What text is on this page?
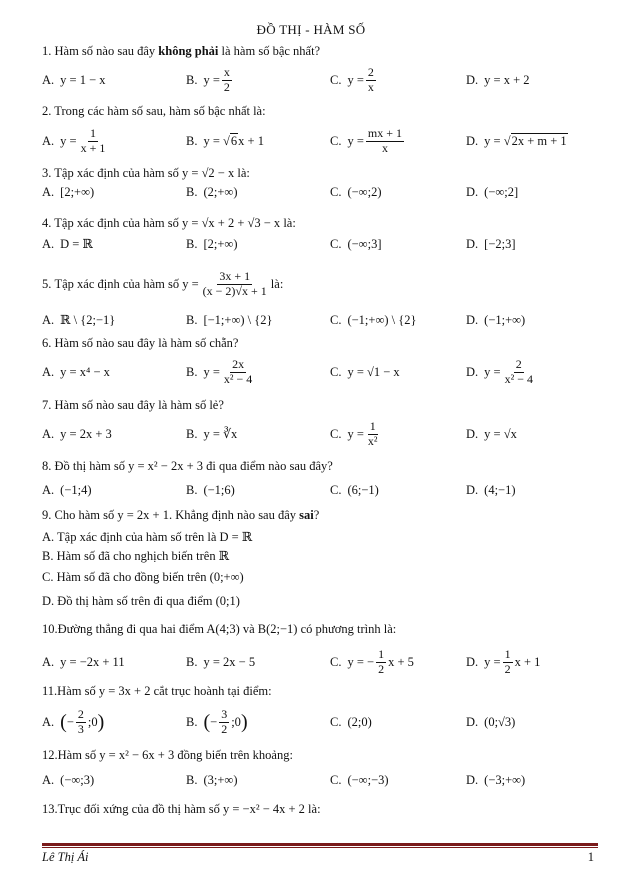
ĐỒ THỊ - HÀM SỐ
1. Hàm số nào sau đây không phải là hàm số bậc nhất?
A. y = 1 − x	B. $y = \frac{x}{2}$	C. $y = \frac{2}{x}$	D. y = x + 2
2. Trong các hàm số sau, hàm số bậc nhất là:
A. $y = \frac{1}{x + 1}$	B. y = √ 6 x + 1	C. $y = \frac{mx + 1}{x}$	D. y = √ 2x + m + 1
3. Tập xác định của hàm số y = √2 − x là:
A. [2;+∞)	B. (2;+∞)	C. (−∞;2)	D. (−∞;2]
4. Tập xác định của hàm số y = √x + 2 + √3 − x là:
A. D = ℝ	B. [2;+∞)	C. (−∞;3]	D. [−2;3]
5.
Tập xác định của hàm số $y = \frac{3x + 1}{(x - 2)√x + 1}$ là:
A. ℝ \ {2;−1}	B. [−1;+∞) \ {2}	C. (−1;+∞) \ {2}	D. (−1;+∞)
6. Hàm số nào sau đây là hàm số chẵn?
A. y = x⁴ − x	B. $y = \frac{2x}{\text{x² − 4}}$	C. y = √1 − x	D. $y = \frac{2}{\text{x² − 4}}$
7. Hàm số nào sau đây là hàm số lẻ?
A. y = 2x + 3	B. y = ∛x	C. $y = \frac{1}{\text{x²}}$	D. y = √x
8. Đồ thị hàm số y = x² − 2x + 3 đi qua điểm nào sau đây?
A. (−1;4)	B. (−1;6)	C. (6;−1)	D. (4;−1)
9. Cho hàm số y = 2x + 1. Khẳng định nào sau đây sai?
A. Tập xác định của hàm số trên là D = ℝ
B. Hàm số đã cho nghịch biến trên ℝ
C. Hàm số đã cho đồng biến trên (0;+∞)
D. Đồ thị hàm số trên đi qua điểm (0;1)
10.Đường thẳng đi qua hai điểm A(4;3) và B(2;−1) có phương trình là:
A. y = −2x + 11	B. y = 2x − 5	C. y = − $\frac{1}{2}$ x + 5	D. $y = \frac{1}{2}$ x + 1
11.Hàm số y = 3x + 2 cắt trục hoành tại điểm:
A. ( − $\frac{2}{3}$ ;0 )	B. ( − $\frac{3}{2}$ ;0 )	C. (2;0)	D. (0;√3)
12.Hàm số y = x² − 6x + 3 đồng biến trên khoảng:
A. (−∞;3)	B. (3;+∞)	C. (−∞;−3)	D. (−3;+∞)
13.Trục đối xứng của đồ thị hàm số y = −x² − 4x + 2 là:
Lê Thị Ái	1
